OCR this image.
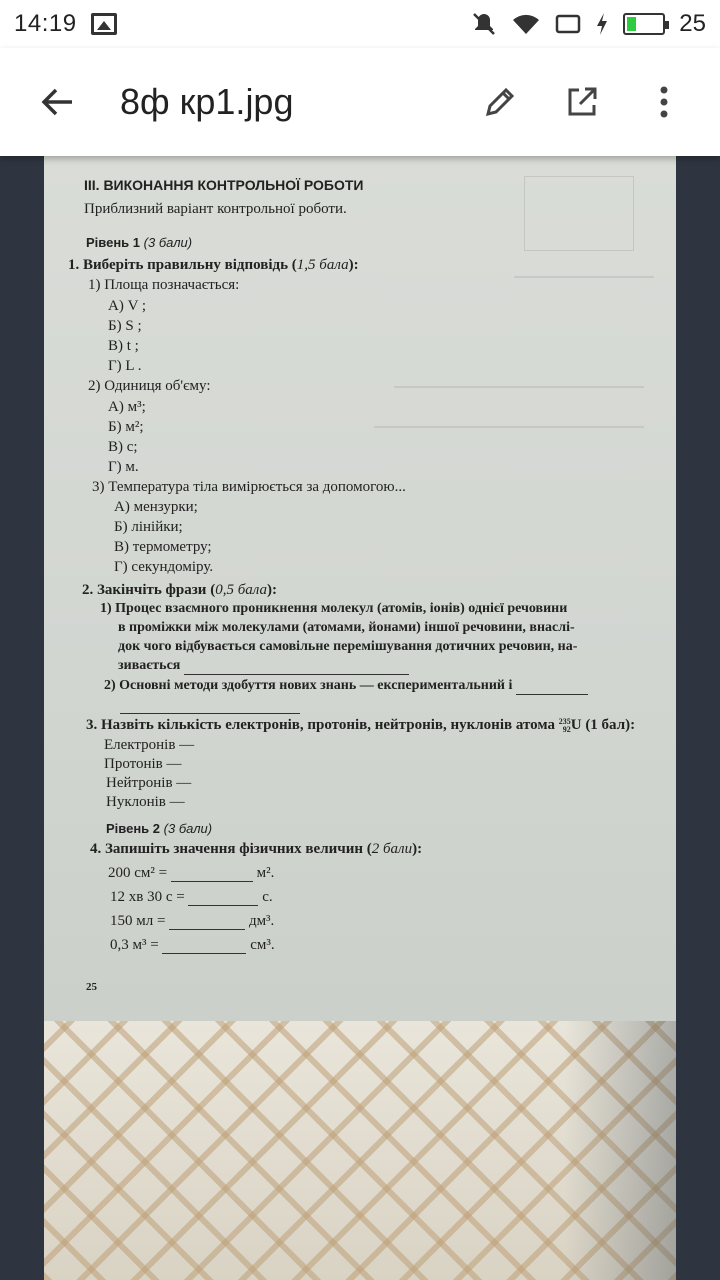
14:19	25
8ф кр1.jpg
ІІІ. ВИКОНАННЯ КОНТРОЛЬНОЇ РОБОТИ
Приблизний варіант контрольної роботи.
Рівень 1 (3 бали)
1. Виберіть правильну відповідь (1,5 бала):
1) Площа позначається:
А) V ;
Б) S ;
В) t ;
Г) L .
2) Одиниця об'єму:
А) м³;
Б) м²;
В) с;
Г) м.
3) Температура тіла вимірюється за допомогою...
А) мензурки;
Б) лінійки;
В) термометру;
Г) секундоміру.
2. Закінчіть фрази (0,5 бала):
1) Процес взаємного проникнення молекул (атомів, іонів) однієї речовини
в проміжки між молекулами (атомами, йонами) іншої речовини, внаслі-
док чого відбувається самовільне перемішування дотичних речовин, на-
зивається
2) Основні методи здобуття нових знань — експериментальний і
3. Назвіть кількість електронів, протонів, нейтронів, нуклонів атома 235
92 U (1 бал):
Електронів —
Протонів —
Нейтронів —
Нуклонів —
Рівень 2 (3 бали)
4. Запишіть значення фізичних величин (2 бали):
200 см² =	м².
12 хв 30 с =	с.
150 мл =	дм³.
0,3 м³ =	см³.
25
